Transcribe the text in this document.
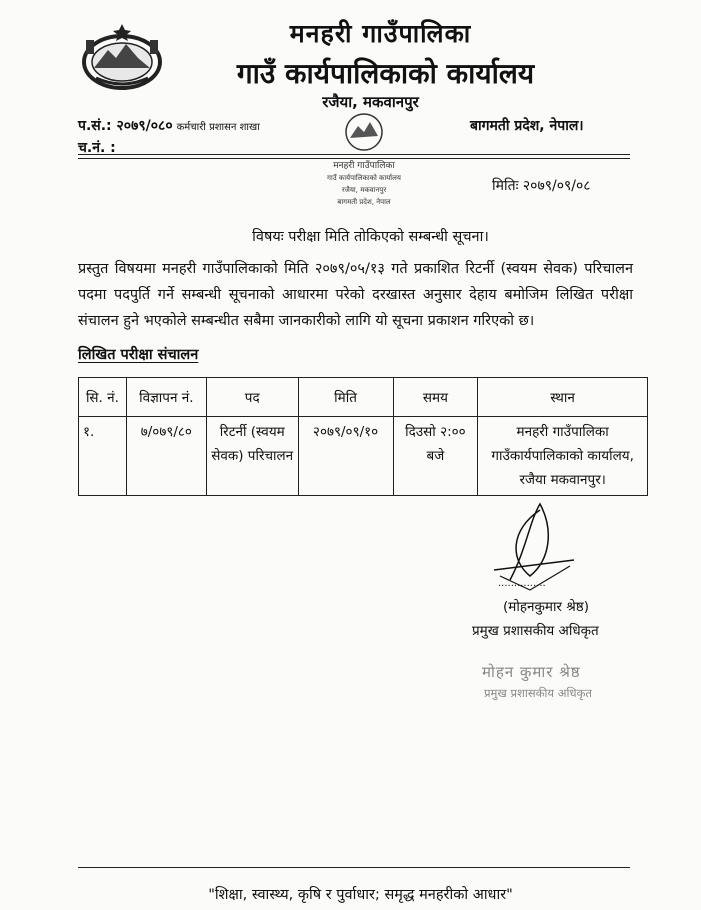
मनहरी गाउँपालिका
गाउँ कार्यपालिकाको कार्यालय
रजैया, मकवानपुर
प.सं.: २०७९/०८० कर्मचारी प्रशासन शाखा
च.नं. :
बागमती प्रदेश, नेपाल।
मनहरी गाउँपालिका
गाउँ कार्यपालिकाको कार्यालय
रजैया, मकवानपुर
बागमती प्रदेश, नेपाल
मितिः २०७९/०९/०८
विषयः परीक्षा मिति तोकिएको सम्बन्धी सूचना।
प्रस्तुत विषयमा मनहरी गाउँपालिकाको मिति २०७९/०५/१३ गते प्रकाशित रिटर्नी (स्वयम सेवक) परिचालन पदमा पदपुर्ति गर्ने सम्बन्धी सूचनाको आधारमा परेको दरखास्त अनुसार देहाय बमोजिम लिखित परीक्षा संचालन हुने भएकोले सम्बन्धीत सबैमा जानकारीको लागि यो सूचना प्रकाशन गरिएको छ।
लिखित परीक्षा संचालन
सि. नं.	विज्ञापन नं.	पद	मिति	समय	स्थान
१.	७/०७९/८०	रिटर्नी (स्वयम सेवक) परिचालन	२०७९/०९/१०	दिउसो २:०० बजे	मनहरी गाउँपालिका गाउँकार्यपालिकाको कार्यालय, रजैया मकवानपुर।
...............
(मोहनकुमार श्रेष्ठ)
प्रमुख प्रशासकीय अधिकृत
मोहन कुमार श्रेष्ठ
प्रमुख प्रशासकीय अधिकृत
"शिक्षा, स्वास्थ्य, कृषि र पुर्वाधार; समृद्ध मनहरीको आधार"
